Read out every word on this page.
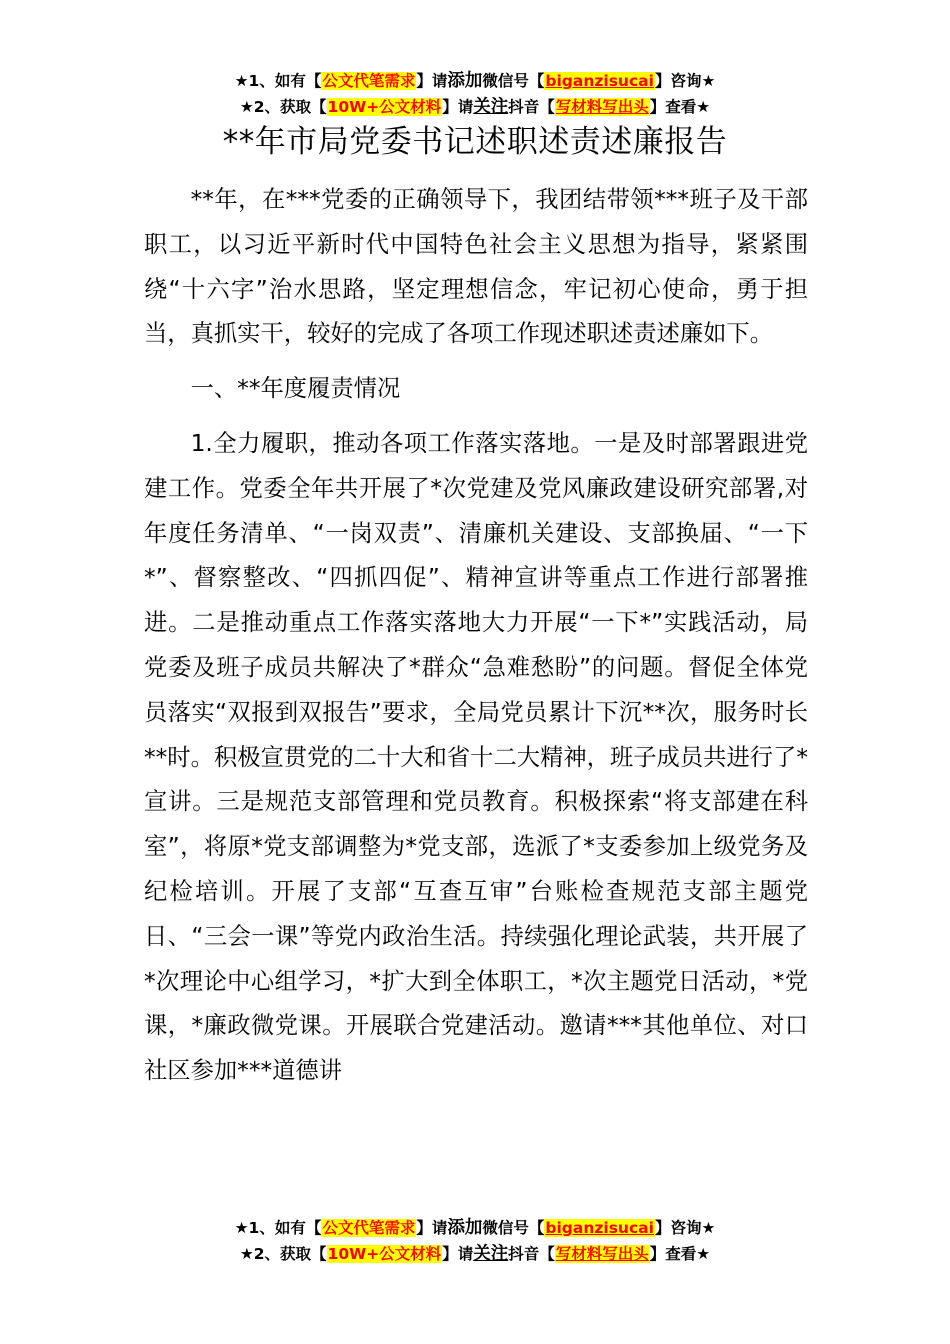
★1、如有【公文代笔需求】请添加微信号【biganzisucai】咨询★
★2、获取【10W+公文材料】请关注抖音【写材料写出头】查看★
**年市局党委书记述职述责述廉报告

**年，在***党委的正确领导下，我团结带领***班子及干部职工，以习近平新时代中国特色社会主义思想为指导，紧紧围绕“十六字”治水思路，坚定理想信念，牢记初心使命，勇于担当，真抓实干，较好的完成了各项工作现述职述责述廉如下。

一、**年度履责情况

1.全力履职，推动各项工作落实落地。一是及时部署跟进党建工作。党委全年共开展了*次党建及党风廉政建设研究部署,对年度任务清单、“一岗双责”、清廉机关建设、支部换届、“一下*”、督察整改、“四抓四促”、精神宣讲等重点工作进行部署推进。二是推动重点工作落实落地大力开展“一下*”实践活动，局党委及班子成员共解决了*群众“急难愁盼”的问题。督促全体党员落实“双报到双报告”要求，全局党员累计下沉**次，服务时长**时。积极宣贯党的二十大和省十二大精神，班子成员共进行了*宣讲。三是规范支部管理和党员教育。积极探索“将支部建在科室”，将原*党支部调整为*党支部，选派了*支委参加上级党务及纪检培训。开展了支部“互查互审”台账检查规范支部主题党日、“三会一课”等党内政治生活。持续强化理论武装，共开展了*次理论中心组学习，*扩大到全体职工，*次主题党日活动，*党课，*廉政微党课。开展联合党建活动。邀请***其他单位、对口社区参加***道德讲

★1、如有【公文代笔需求】请添加微信号【biganzisucai】咨询★
★2、获取【10W+公文材料】请关注抖音【写材料写出头】查看★
